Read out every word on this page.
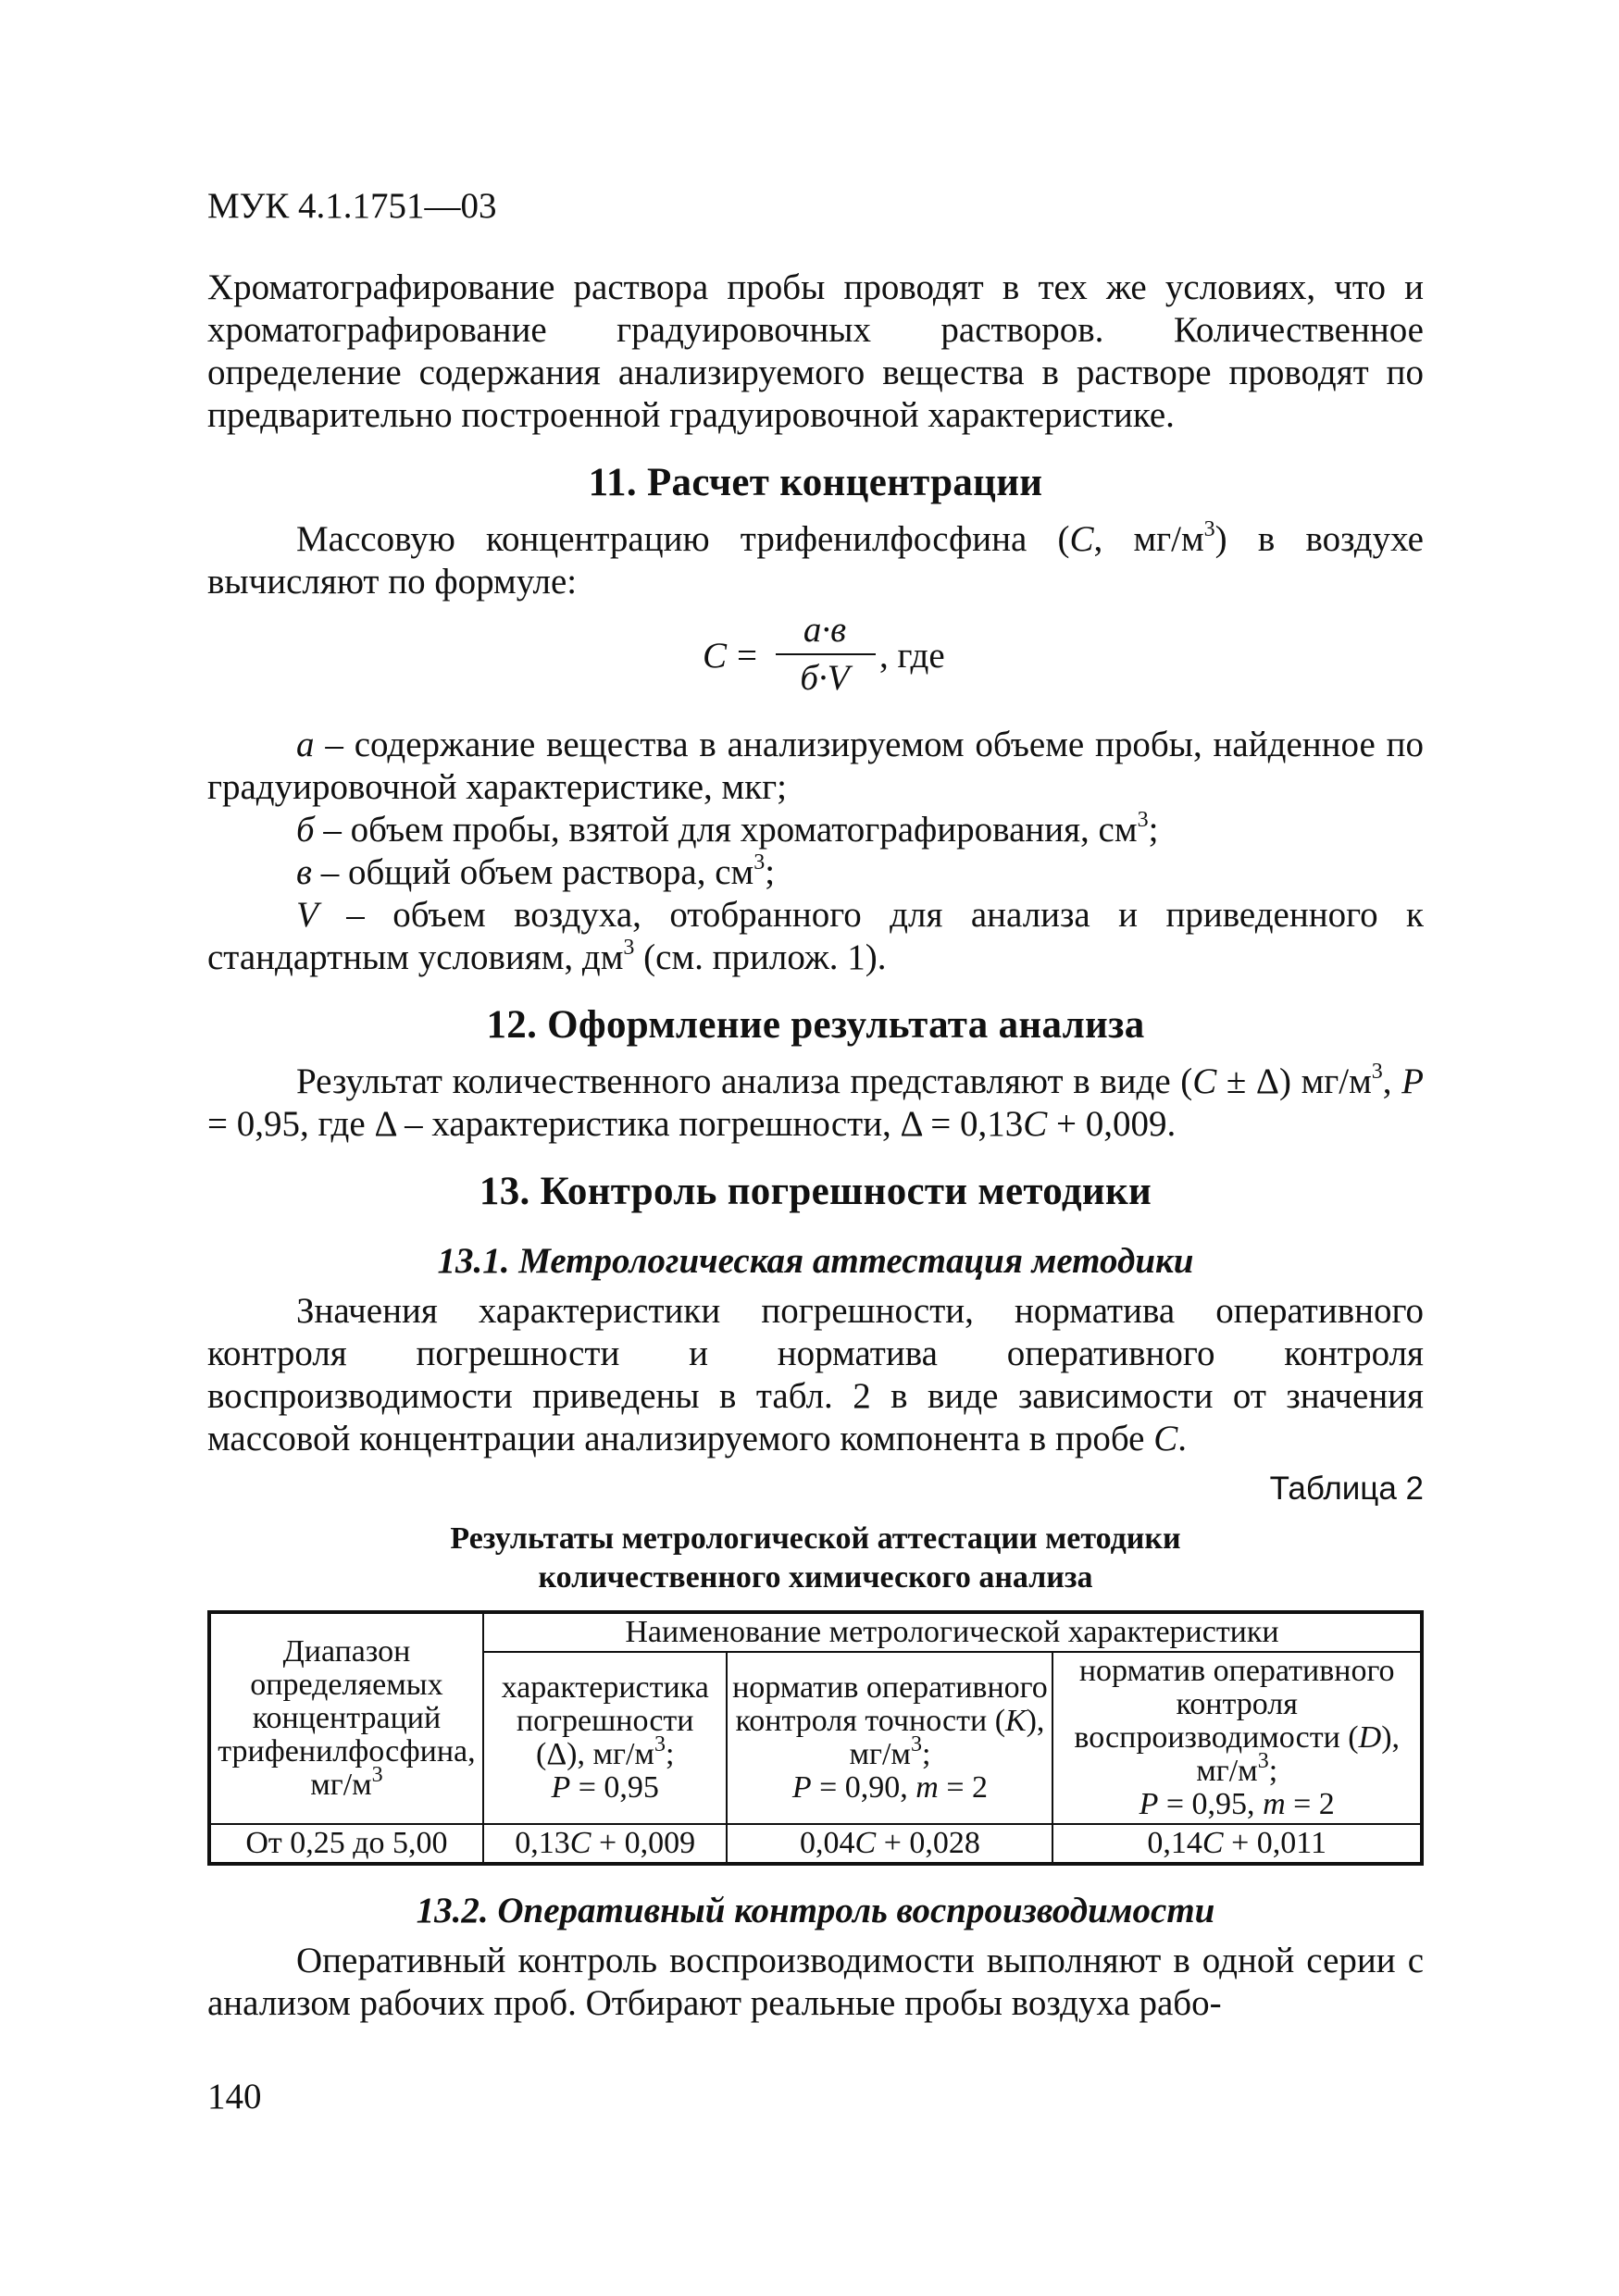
МУК 4.1.1751—03

Хроматографирование раствора пробы проводят в тех же условиях, что и хроматографирование градуировочных растворов. Количественное определение содержания анализируемого вещества в растворе проводят по предварительно построенной градуировочной характеристике.

11. Расчет концентрации

Массовую концентрацию трифенилфосфина (С, $мг/м^3$) в воздухе вычисляют по формуле:

С =
а·в
б·V
, где

а – содержание вещества в анализируемом объеме пробы, найденное по градуировочной характеристике, мкг;

б – объем пробы, взятой для хроматографирования, $см^3$;

в – общий объем раствора, $см^3$;

V – объем воздуха, отобранного для анализа и приведенного к стандартным условиям, $дм^3$ (см. прилож. 1).

12. Оформление результата анализа

Результат количественного анализа представляют в виде (С ± Δ) $мг/м^3$, Р = 0,95, где Δ – характеристика погрешности, Δ = 0,13С + 0,009.

13. Контроль погрешности методики
13.1. Метрологическая аттестация методики

Значения характеристики погрешности, норматива оперативного контроля погрешности и норматива оперативного контроля воспроизводимости приведены в табл. 2 в виде зависимости от значения массовой концентрации анализируемого компонента в пробе С.

Таблица 2
Результаты метрологической аттестации методики
количественного химического анализа
Диапазон определяемых концентраций трифенилфосфина, $мг/м^3$	Наименование метрологической характеристики		
	характеристика погрешности
(Δ), $мг/м^3$;
Р = 0,95	норматив оперативного контроля точности (К), $мг/м^3$;
Р = 0,90, m = 2	норматив оперативного контроля воспроизводимости (D), $мг/м^3$;
Р = 0,95, m = 2
От 0,25 до 5,00	0,13С + 0,009	0,04С + 0,028	0,14С + 0,011
13.2. Оперативный контроль воспроизводимости

Оперативный контроль воспроизводимости выполняют в одной серии с анализом рабочих проб. Отбирают реальные пробы воздуха рабо-

140
